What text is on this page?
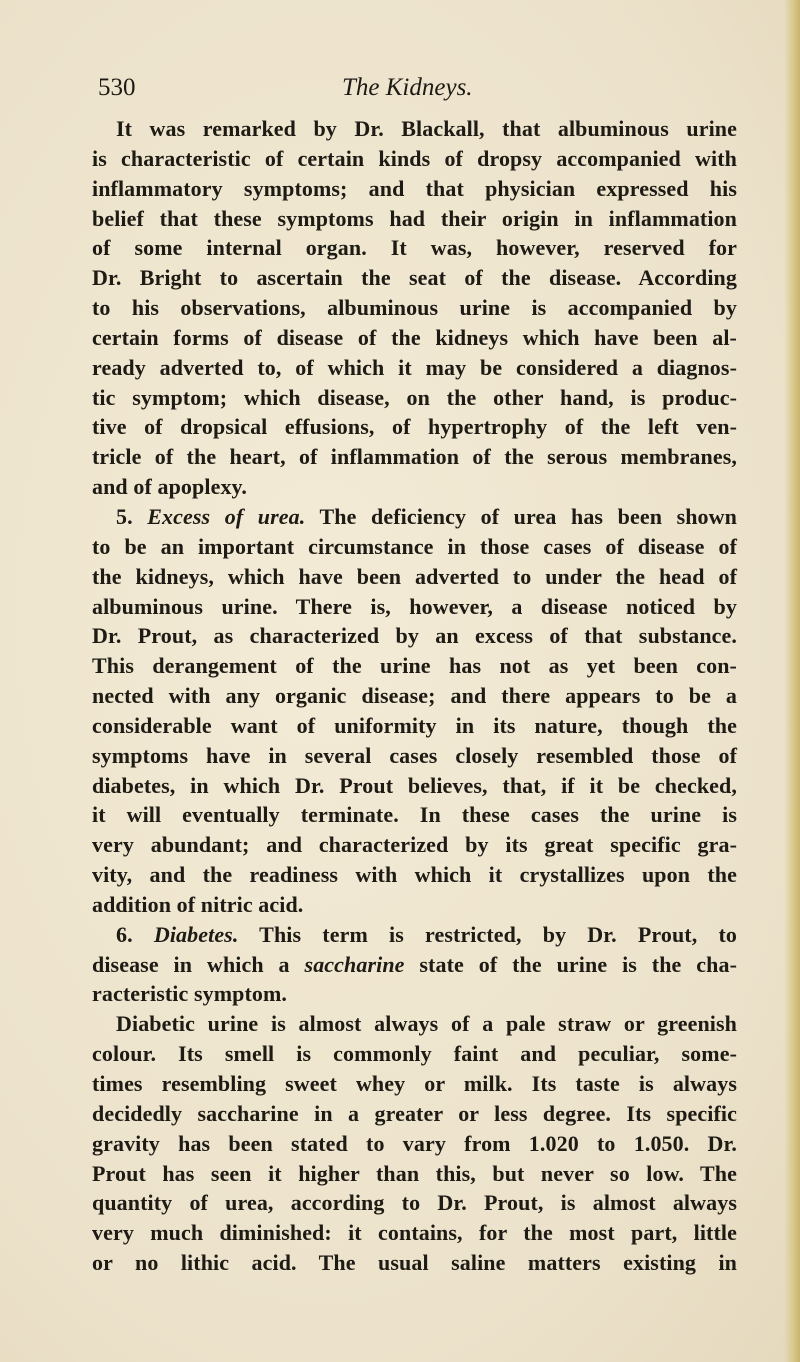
530	The Kidneys.
It was remarked by Dr. Blackall, that albuminous urine
is characteristic of certain kinds of dropsy accompanied with
inflammatory symptoms; and that physician expressed his
belief that these symptoms had their origin in inflammation
of some internal organ. It was, however, reserved for
Dr. Bright to ascertain the seat of the disease. According
to his observations, albuminous urine is accompanied by
certain forms of disease of the kidneys which have been al-
ready adverted to, of which it may be considered a diagnos-
tic symptom; which disease, on the other hand, is produc-
tive of dropsical effusions, of hypertrophy of the left ven-
tricle of the heart, of inflammation of the serous membranes,
and of apoplexy.
5. Excess of urea. The deficiency of urea has been shown
to be an important circumstance in those cases of disease of
the kidneys, which have been adverted to under the head of
albuminous urine. There is, however, a disease noticed by
Dr. Prout, as characterized by an excess of that substance.
This derangement of the urine has not as yet been con-
nected with any organic disease; and there appears to be a
considerable want of uniformity in its nature, though the
symptoms have in several cases closely resembled those of
diabetes, in which Dr. Prout believes, that, if it be checked,
it will eventually terminate. In these cases the urine is
very abundant; and characterized by its great specific gra-
vity, and the readiness with which it crystallizes upon the
addition of nitric acid.
6. Diabetes. This term is restricted, by Dr. Prout, to
disease in which a saccharine state of the urine is the cha-
racteristic symptom.
Diabetic urine is almost always of a pale straw or greenish
colour. Its smell is commonly faint and peculiar, some-
times resembling sweet whey or milk. Its taste is always
decidedly saccharine in a greater or less degree. Its specific
gravity has been stated to vary from 1.020 to 1.050. Dr.
Prout has seen it higher than this, but never so low. The
quantity of urea, according to Dr. Prout, is almost always
very much diminished: it contains, for the most part, little
or no lithic acid. The usual saline matters existing in
